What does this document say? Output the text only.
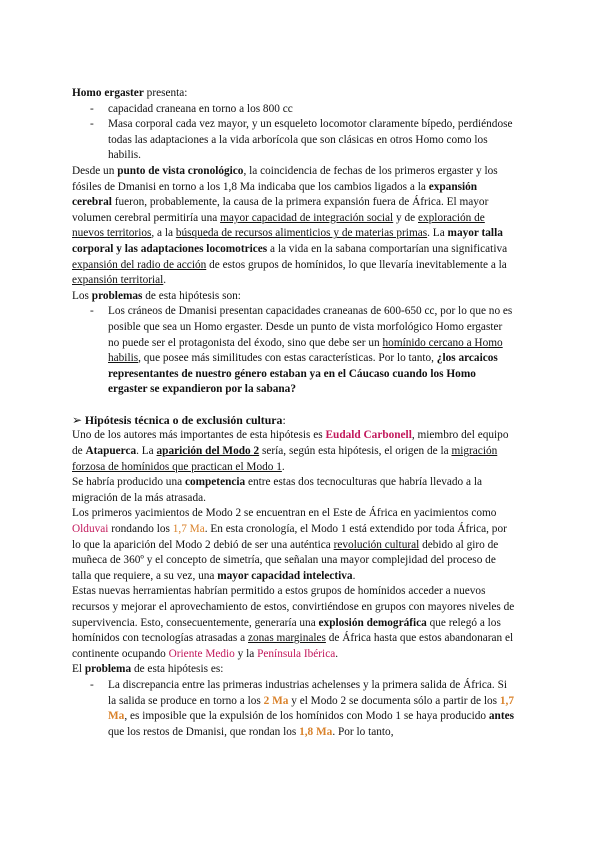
Homo ergaster presenta:

- capacidad craneana en torno a los 800 cc
- Masa corporal cada vez mayor, y un esqueleto locomotor claramente bípedo, perdiéndose todas las adaptaciones a la vida arborícola que son clásicas en otros Homo como los habilis.

Desde un punto de vista cronológico, la coincidencia de fechas de los primeros ergaster y los fósiles de Dmanisi en torno a los 1,8 Ma indicaba que los cambios ligados a la expansión cerebral fueron, probablemente, la causa de la primera expansión fuera de África. El mayor volumen cerebral permitiría una mayor capacidad de integración social y de exploración de nuevos territorios, a la búsqueda de recursos alimenticios y de materias primas. La mayor talla corporal y las adaptaciones locomotrices a la vida en la sabana comportarían una significativa expansión del radio de acción de estos grupos de homínidos, lo que llevaría inevitablemente a la expansión territorial.

Los problemas de esta hipótesis son:

- Los cráneos de Dmanisi presentan capacidades craneanas de 600-650 cc, por lo que no es posible que sea un Homo ergaster. Desde un punto de vista morfológico Homo ergaster no puede ser el protagonista del éxodo, sino que debe ser un homínido cercano a Homo habilis, que posee más similitudes con estas características. Por lo tanto, ¿los arcaicos representantes de nuestro género estaban ya en el Cáucaso cuando los Homo ergaster se expandieron por la sabana?

➢ Hipótesis técnica o de exclusión cultura:

Uno de los autores más importantes de esta hipótesis es Eudald Carbonell, miembro del equipo de Atapuerca. La aparición del Modo 2 sería, según esta hipótesis, el origen de la migración forzosa de homínidos que practican el Modo 1.

Se habría producido una competencia entre estas dos tecnoculturas que habría llevado a la migración de la más atrasada.

Los primeros yacimientos de Modo 2 se encuentran en el Este de África en yacimientos como Olduvai rondando los 1,7 Ma. En esta cronología, el Modo 1 está extendido por toda África, por lo que la aparición del Modo 2 debió de ser una auténtica revolución cultural debido al giro de muñeca de 360º y el concepto de simetría, que señalan una mayor complejidad del proceso de talla que requiere, a su vez, una mayor capacidad intelectiva.

Estas nuevas herramientas habrían permitido a estos grupos de homínidos acceder a nuevos recursos y mejorar el aprovechamiento de estos, convirtiéndose en grupos con mayores niveles de supervivencia. Esto, consecuentemente, generaría una explosión demográfica que relegó a los homínidos con tecnologías atrasadas a zonas marginales de África hasta que estos abandonaran el continente ocupando Oriente Medio y la Península Ibérica.

El problema de esta hipótesis es:

- La discrepancia entre las primeras industrias achelenses y la primera salida de África. Si la salida se produce en torno a los 2 Ma y el Modo 2 se documenta sólo a partir de los 1,7 Ma, es imposible que la expulsión de los homínidos con Modo 1 se haya producido antes que los restos de Dmanisi, que rondan los 1,8 Ma. Por lo tanto,
